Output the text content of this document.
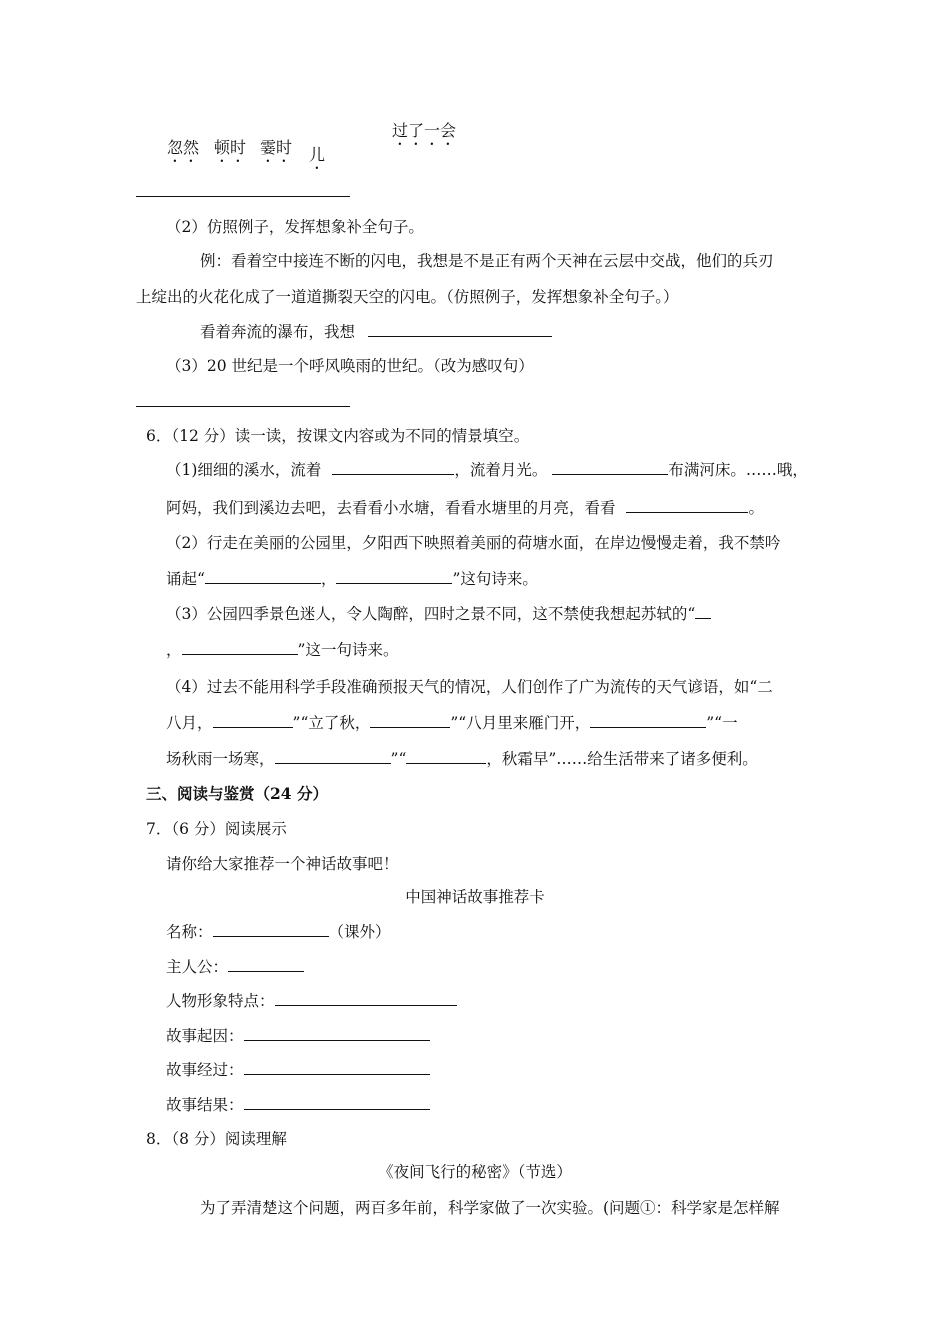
忽然 顿时 霎时 儿
过了一会
（2）仿照例子，发挥想象补全句子。
例：看着空中接连不断的闪电，我想是不是正有两个天神在云层中交战，他们的兵刃
上绽出的火花化成了一道道撕裂天空的闪电。（仿照例子，发挥想象补全句子。）
看着奔流的瀑布，我想
（3）20 世纪是一个呼风唤雨的世纪。（改为感叹句）
6．（12 分）读一读，按课文内容或为不同的情景填空。
（1)细细的溪水，流着	，流着月光。	布满河床。……哦，
阿妈，我们到溪边去吧，去看看小水塘，看看水塘里的月亮，看看	。
（2）行走在美丽的公园里，夕阳西下映照着美丽的荷塘水面，在岸边慢慢走着，我不禁吟
诵起“	，	”这句诗来。
（3）公园四季景色迷人，令人陶醉，四时之景不同，这不禁使我想起苏轼的“
，	”这一句诗来。
（4）过去不能用科学手段准确预报天气的情况，人们创作了广为流传的天气谚语，如“二
八月，	”“立了秋，	”“八月里来雁门开，	”“一
场秋雨一场寒，	”“	，秋霜早”……给生活带来了诸多便利。
三、阅读与鉴赏（24 分）
7．（6 分）阅读展示
请你给大家推荐一个神话故事吧！
中国神话故事推荐卡
名称：	（课外）
主人公：
人物形象特点：
故事起因：
故事经过：
故事结果：
8．（8 分）阅读理解
《夜间飞行的秘密》（节选）
为了弄清楚这个问题，两百多年前，科学家做了一次实验。(问题①：科学家是怎样解
